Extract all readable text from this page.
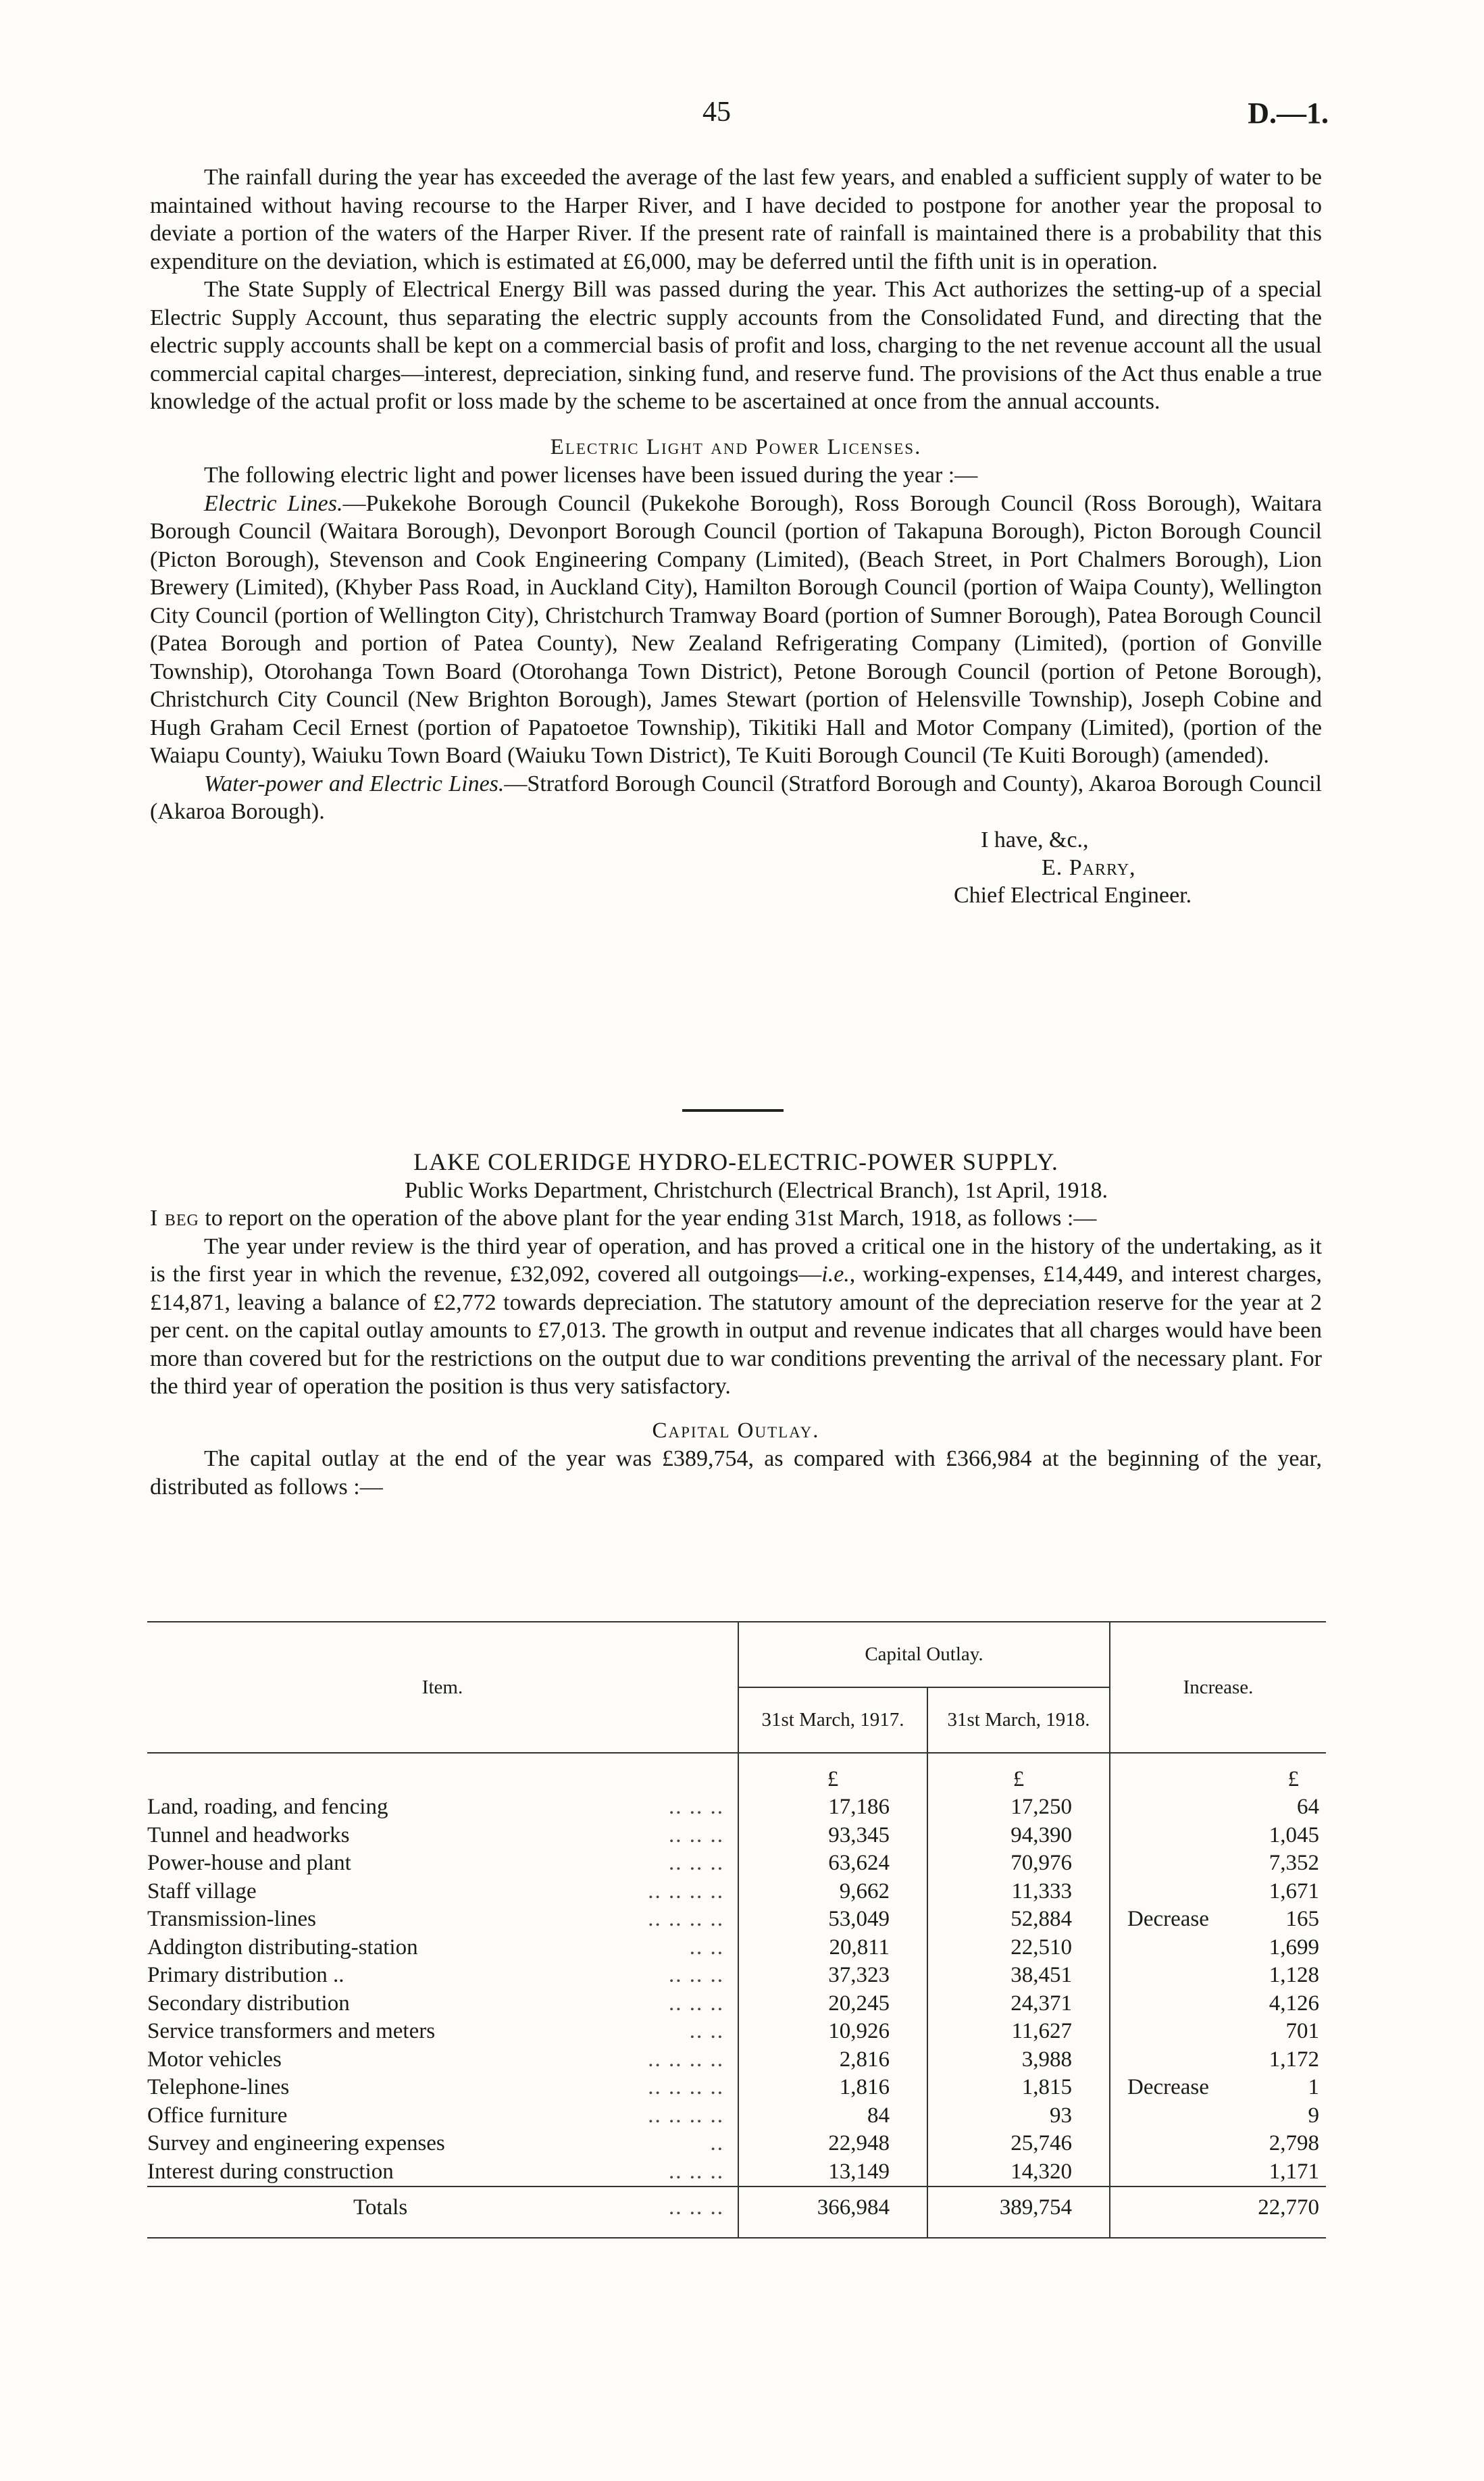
45	D.—1.

The rainfall during the year has exceeded the average of the last few years, and enabled a sufficient supply of water to be maintained without having recourse to the Harper River, and I have decided to postpone for another year the proposal to deviate a portion of the waters of the Harper River. If the present rate of rainfall is maintained there is a probability that this expenditure on the deviation, which is estimated at £6,000, may be deferred until the fifth unit is in operation.

The State Supply of Electrical Energy Bill was passed during the year. This Act authorizes the setting-up of a special Electric Supply Account, thus separating the electric supply accounts from the Consolidated Fund, and directing that the electric supply accounts shall be kept on a commercial basis of profit and loss, charging to the net revenue account all the usual commercial capital charges—interest, depreciation, sinking fund, and reserve fund. The provisions of the Act thus enable a true knowledge of the actual profit or loss made by the scheme to be ascertained at once from the annual accounts.

Electric Light and Power Licenses.

The following electric light and power licenses have been issued during the year :—

Electric Lines.—Pukekohe Borough Council (Pukekohe Borough), Ross Borough Council (Ross Borough), Waitara Borough Council (Waitara Borough), Devonport Borough Council (portion of Takapuna Borough), Picton Borough Council (Picton Borough), Stevenson and Cook Engineering Company (Limited), (Beach Street, in Port Chalmers Borough), Lion Brewery (Limited), (Khyber Pass Road, in Auckland City), Hamilton Borough Council (portion of Waipa County), Wellington City Council (portion of Wellington City), Christchurch Tramway Board (portion of Sumner Borough), Patea Borough Council (Patea Borough and portion of Patea County), New Zealand Refrigerating Company (Limited), (portion of Gonville Township), Otorohanga Town Board (Otorohanga Town District), Petone Borough Council (portion of Petone Borough), Christchurch City Council (New Brighton Borough), James Stewart (portion of Helensville Township), Joseph Cobine and Hugh Graham Cecil Ernest (portion of Papatoetoe Township), Tikitiki Hall and Motor Company (Limited), (portion of the Waiapu County), Waiuku Town Board (Waiuku Town District), Te Kuiti Borough Council (Te Kuiti Borough) (amended).

Water-power and Electric Lines.—Stratford Borough Council (Stratford Borough and County), Akaroa Borough Council (Akaroa Borough).

I have, &c.,
E. Parry,
Chief Electrical Engineer.

LAKE COLERIDGE HYDRO-ELECTRIC-POWER SUPPLY.

Public Works Department, Christchurch (Electrical Branch), 1st April, 1918.

I beg to report on the operation of the above plant for the year ending 31st March, 1918, as follows :—

The year under review is the third year of operation, and has proved a critical one in the history of the undertaking, as it is the first year in which the revenue, £32,092, covered all outgoings—i.e., working-expenses, £14,449, and interest charges, £14,871, leaving a balance of £2,772 towards depreciation. The statutory amount of the depreciation reserve for the year at 2 per cent. on the capital outlay amounts to £7,013. The growth in output and revenue indicates that all charges would have been more than covered but for the restrictions on the output due to war conditions preventing the arrival of the necessary plant. For the third year of operation the position is thus very satisfactory.

Capital Outlay.

The capital outlay at the end of the year was £389,754, as compared with £366,984 at the beginning of the year, distributed as follows :—

Item.	Capital Outlay.		Increase.
	31st March, 1917.	31st March, 1918.	
	£	£	£
Land, roading, and fencing .. .. ..	17,186	17,250	64
Tunnel and headworks .. .. ..	93,345	94,390	1,045
Power-house and plant .. .. ..	63,624	70,976	7,352
Staff village .. .. .. ..	9,662	11,333	1,671
Transmission-lines .. .. .. ..	53,049	52,884	Decrease 165
Addington distributing-station .. ..	20,811	22,510	1,699
Primary distribution .. .. .. ..	37,323	38,451	1,128
Secondary distribution .. .. ..	20,245	24,371	4,126
Service transformers and meters .. ..	10,926	11,627	701
Motor vehicles .. .. .. ..	2,816	3,988	1,172
Telephone-lines .. .. .. ..	1,816	1,815	Decrease 1
Office furniture .. .. .. ..	84	93	9
Survey and engineering expenses ..	22,948	25,746	2,798
Interest during construction .. .. ..	13,149	14,320	1,171
Totals .. .. ..	366,984	389,754	22,770
